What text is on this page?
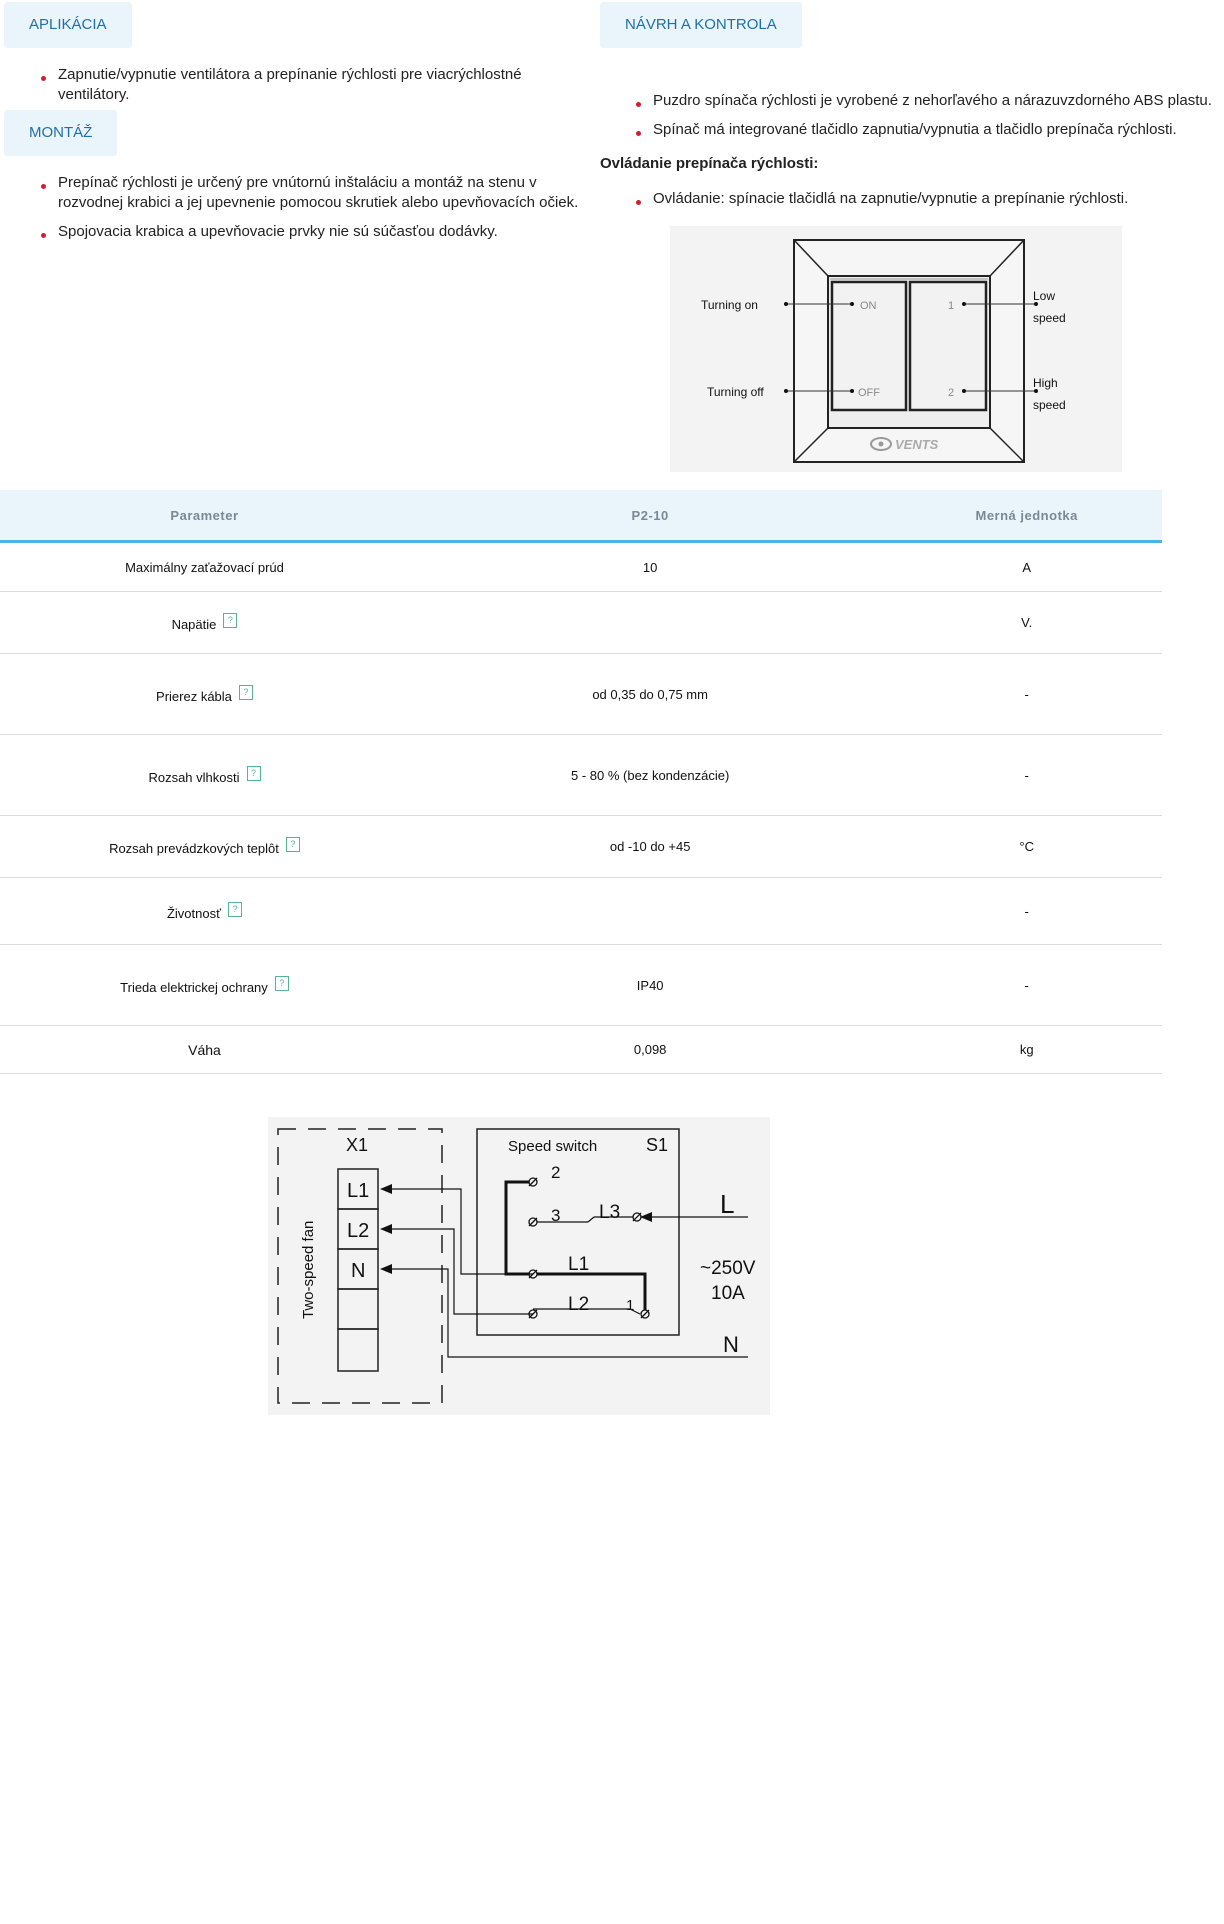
APLIKÁCIA
Zapnutie/vypnutie ventilátora a prepínanie rýchlosti pre viacrýchlostné ventilátory.
MONTÁŽ
Prepínač rýchlosti je určený pre vnútornú inštaláciu a montáž na stenu v rozvodnej krabici a jej upevnenie pomocou skrutiek alebo upevňovacích očiek.
Spojovacia krabica a upevňovacie prvky nie sú súčasťou dodávky.
NÁVRH A KONTROLA
Puzdro spínača rýchlosti je vyrobené z nehorľavého a nárazuvzdorného ABS plastu.
Spínač má integrované tlačidlo zapnutia/vypnutia a tlačidlo prepínača rýchlosti.
Ovládanie prepínača rýchlosti:
Ovládanie: spínacie tlačidlá na zapnutie/vypnutie a prepínanie rýchlosti.
Turning on
Turning off
ON
OFF
1
2
Low
speed
High
speed
VENTS
Parameter	P2-10	Merná jednotka
Maximálny zaťažovací prúd	10	A
Napätie ?		V.
Prierez kábla ?	od 0,35 do 0,75 mm	-
Rozsah vlhkosti ?	5 - 80 % (bez kondenzácie)	-
Rozsah prevádzkových teplôt ?	od -10 do +45	°C
Životnosť ?		-
Trieda elektrickej ochrany ?	IP40	-
Váha	0,098	kg
X1
L1
L2
N
Two-speed fan
Speed switch	S1
2
3 L3
L1
L2 1
L
~250V
10A
N
